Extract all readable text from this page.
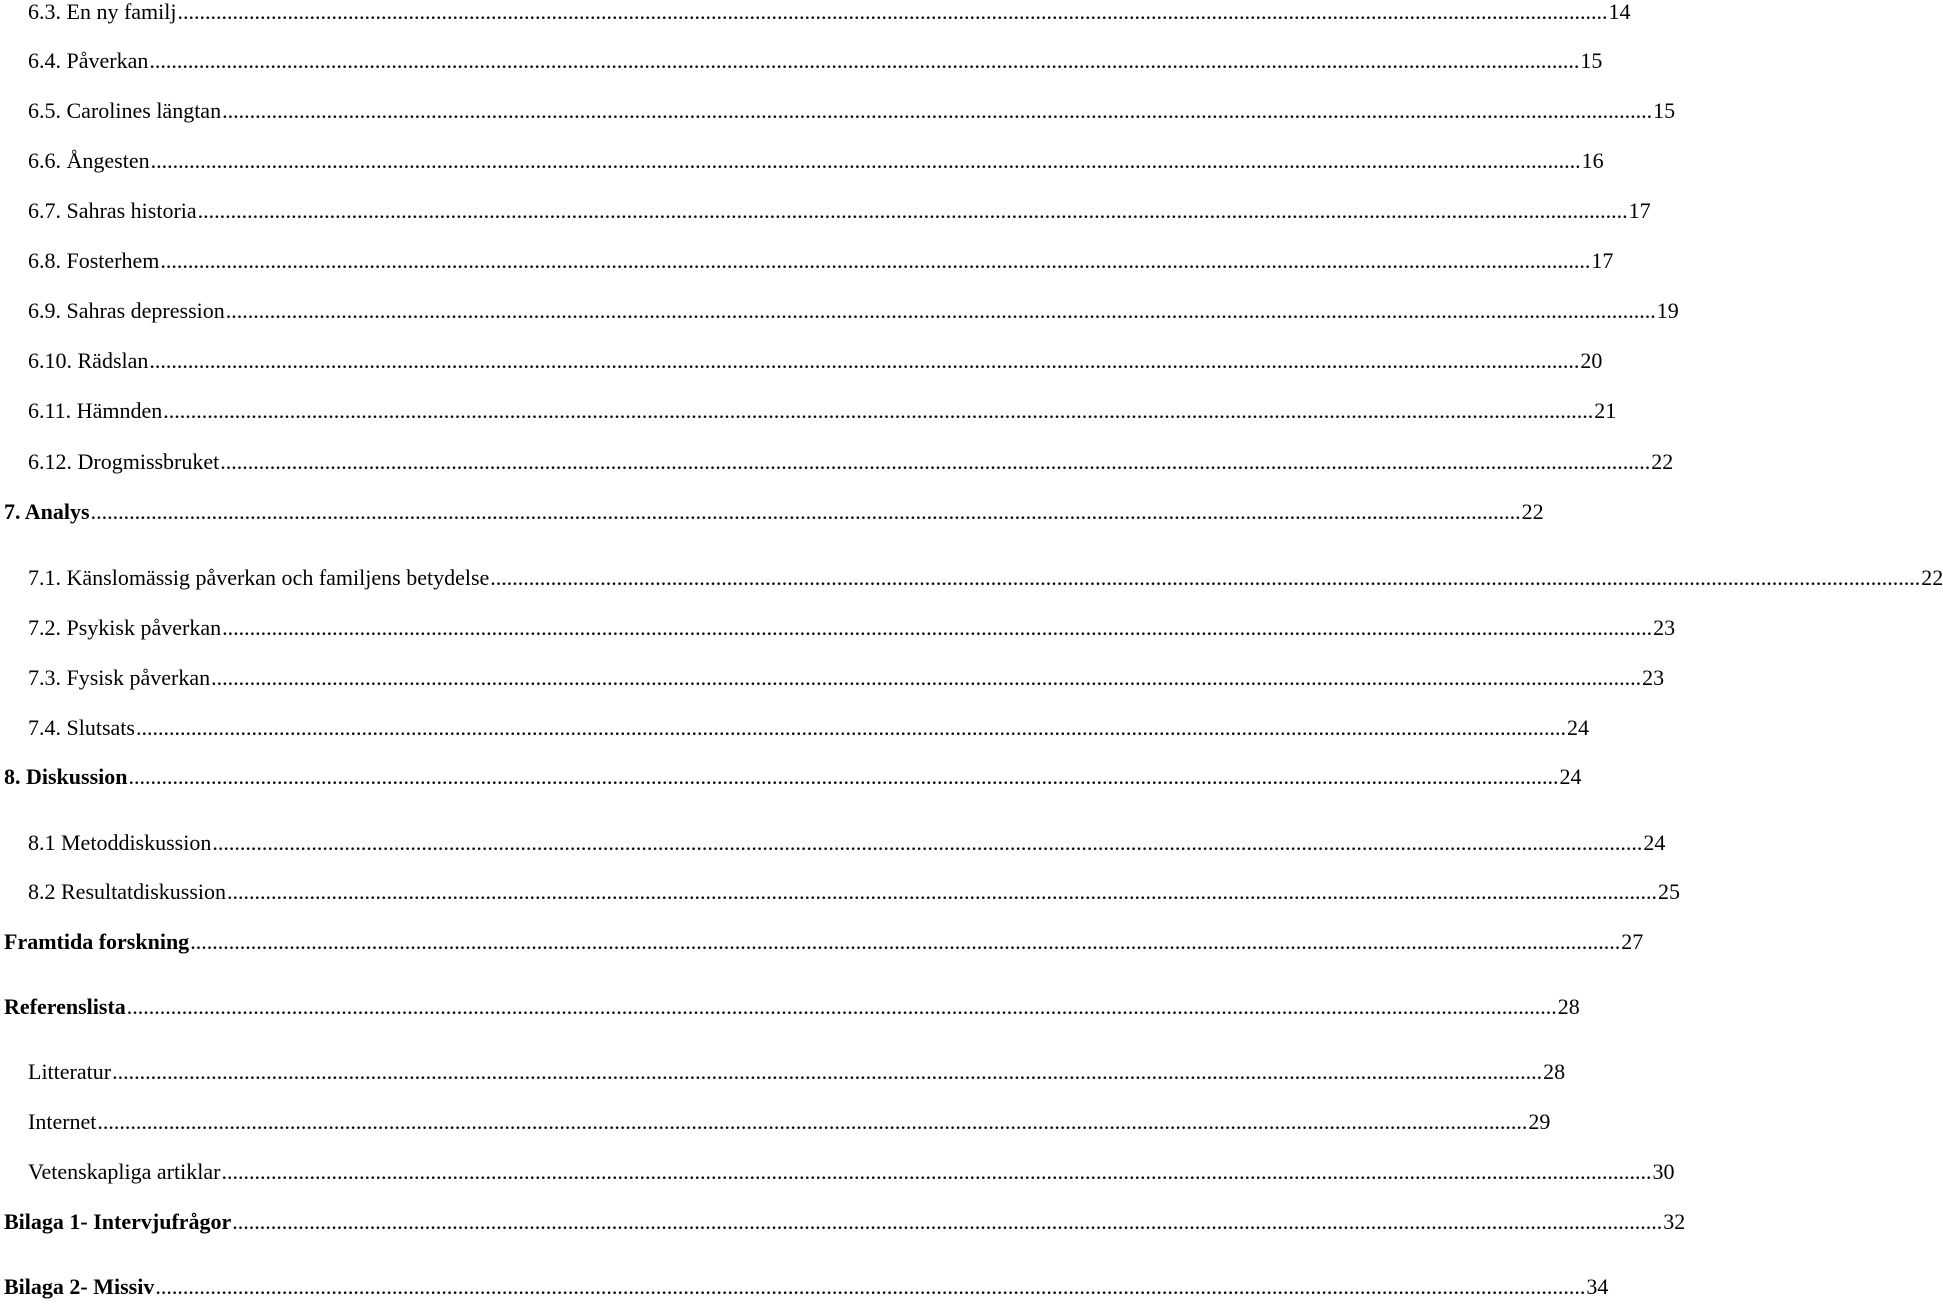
6.3. En ny familj .................................................................................................................................................................................................................................................................... 14
6.4. Påverkan .................................................................................................................................................................................................................................................................... 15
6.5. Carolines längtan .................................................................................................................................................................................................................................................................... 15
6.6. Ångesten .................................................................................................................................................................................................................................................................... 16
6.7. Sahras historia .................................................................................................................................................................................................................................................................... 17
6.8. Fosterhem .................................................................................................................................................................................................................................................................... 17
6.9. Sahras depression .................................................................................................................................................................................................................................................................... 19
6.10. Rädslan .................................................................................................................................................................................................................................................................... 20
6.11. Hämnden .................................................................................................................................................................................................................................................................... 21
6.12. Drogmissbruket .................................................................................................................................................................................................................................................................... 22
7. Analys .................................................................................................................................................................................................................................................................... 22
7.1. Känslomässig påverkan och familjens betydelse .................................................................................................................................................................................................................................................................... 22
7.2. Psykisk påverkan .................................................................................................................................................................................................................................................................... 23
7.3. Fysisk påverkan .................................................................................................................................................................................................................................................................... 23
7.4. Slutsats .................................................................................................................................................................................................................................................................... 24
8. Diskussion .................................................................................................................................................................................................................................................................... 24
8.1 Metoddiskussion .................................................................................................................................................................................................................................................................... 24
8.2 Resultatdiskussion .................................................................................................................................................................................................................................................................... 25
Framtida forskning .................................................................................................................................................................................................................................................................... 27
Referenslista .................................................................................................................................................................................................................................................................... 28
Litteratur .................................................................................................................................................................................................................................................................... 28
Internet .................................................................................................................................................................................................................................................................... 29
Vetenskapliga artiklar .................................................................................................................................................................................................................................................................... 30
Bilaga 1- Intervjufrågor .................................................................................................................................................................................................................................................................... 32
Bilaga 2- Missiv .................................................................................................................................................................................................................................................................... 34
